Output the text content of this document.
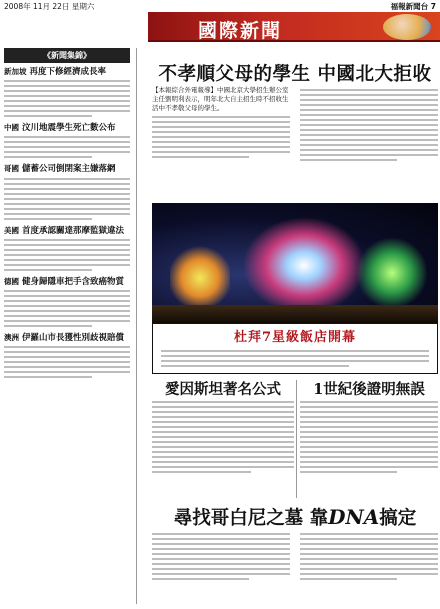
2008年 11月 22日 星期六	福報新聞台 7
國際新聞
《新聞集錦》
新加坡 再度下修經濟成長率
中國 汶川地震學生死亡數公布
哥國 儲蓄公司倒閉案主嫌落網
美國 首度承認關達那摩監獄違法
德國 健身歸隱車把手含致癌物質
澳洲 伊羅山市長獲性別歧視賠償
不孝順父母的學生 中國北大拒收
【本報綜合外電報導】中國北京大學招生辦公室主任劉明利表示，明年北大自主招生時不招收生活中不孝敬父母的學生。
杜拜7星級飯店開幕
愛因斯坦著名公式	1世紀後證明無誤
尋找哥白尼之墓 靠DNA搞定
